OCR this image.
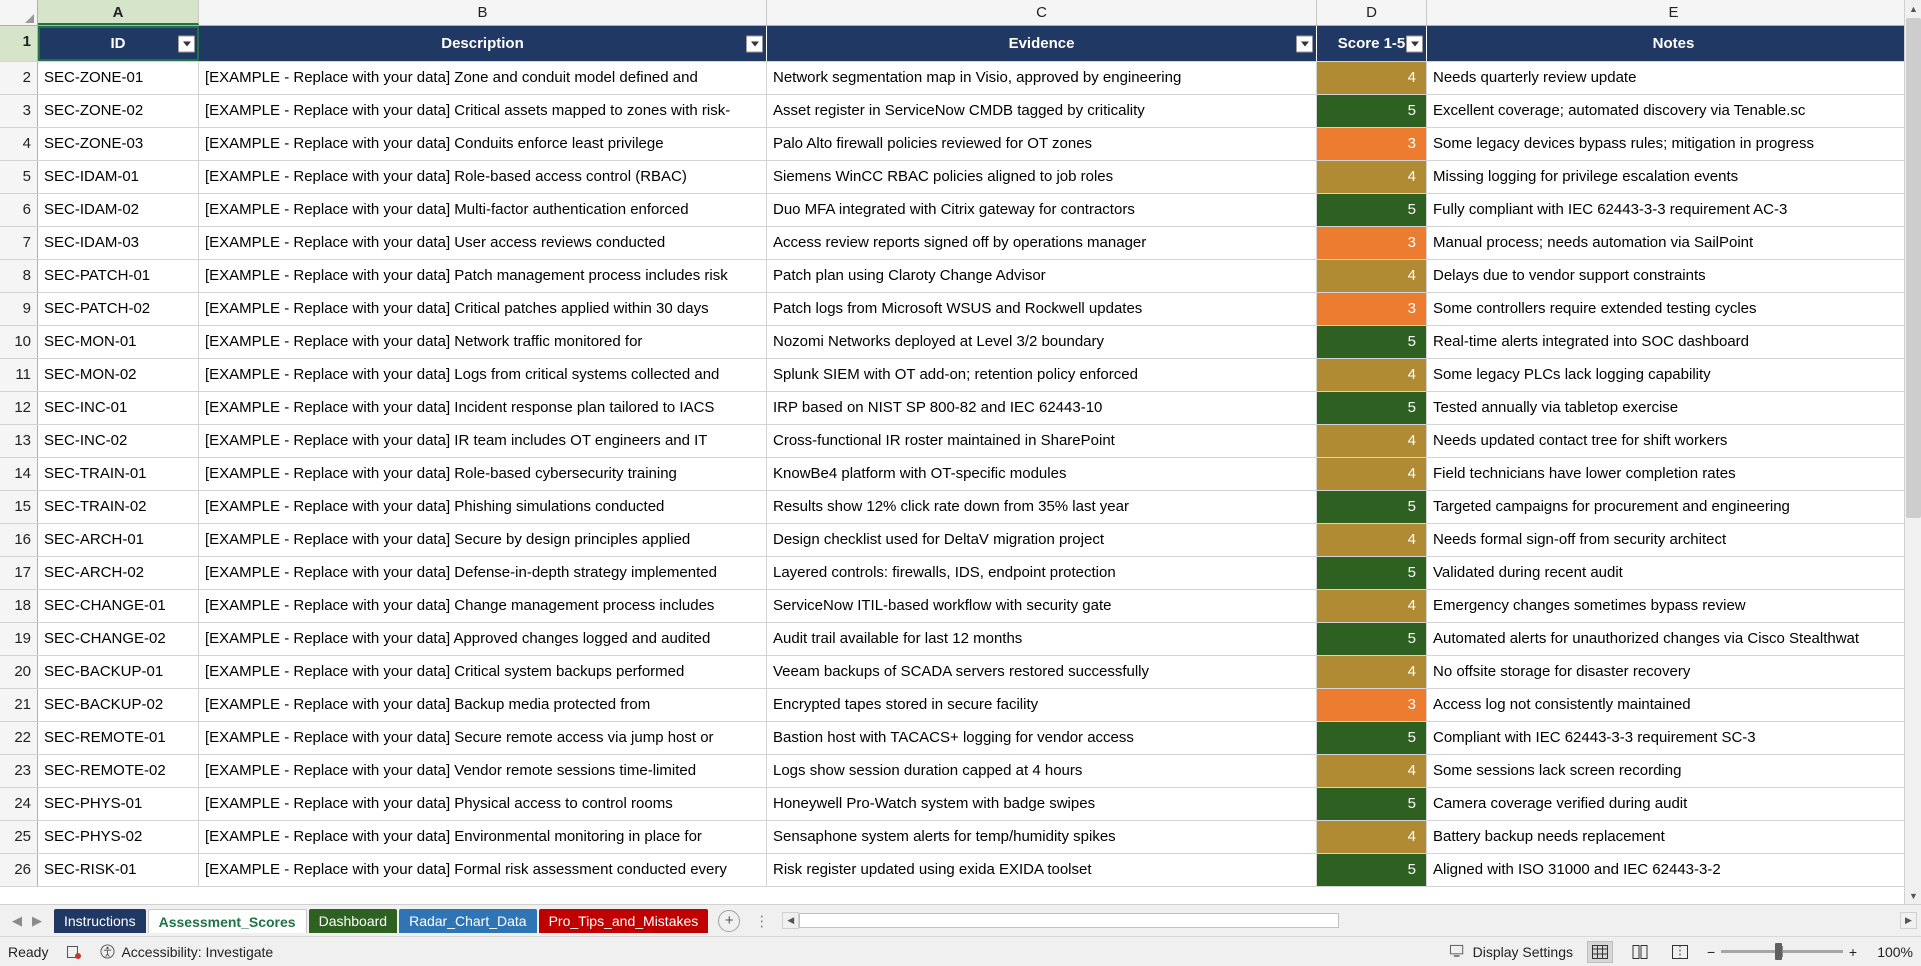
A	B	C	D	E
1	ID	Description	Evidence	Score 1-5	Notes
2 SEC-ZONE-01	[EXAMPLE - Replace with your data] Zone and conduit model defined and	Network segmentation map in Visio, approved by engineering	4	Needs quarterly review update
3 SEC-ZONE-02	[EXAMPLE - Replace with your data] Critical assets mapped to zones with risk-	Asset register in ServiceNow CMDB tagged by criticality	5	Excellent coverage; automated discovery via Tenable.sc
4 SEC-ZONE-03	[EXAMPLE - Replace with your data] Conduits enforce least privilege	Palo Alto firewall policies reviewed for OT zones	3	Some legacy devices bypass rules; mitigation in progress
5 SEC-IDAM-01	[EXAMPLE - Replace with your data] Role-based access control (RBAC)	Siemens WinCC RBAC policies aligned to job roles	4	Missing logging for privilege escalation events
6 SEC-IDAM-02	[EXAMPLE - Replace with your data] Multi-factor authentication enforced	Duo MFA integrated with Citrix gateway for contractors	5	Fully compliant with IEC 62443-3-3 requirement AC-3
7 SEC-IDAM-03	[EXAMPLE - Replace with your data] User access reviews conducted	Access review reports signed off by operations manager	3	Manual process; needs automation via SailPoint
8 SEC-PATCH-01	[EXAMPLE - Replace with your data] Patch management process includes risk	Patch plan using Claroty Change Advisor	4	Delays due to vendor support constraints
9 SEC-PATCH-02	[EXAMPLE - Replace with your data] Critical patches applied within 30 days	Patch logs from Microsoft WSUS and Rockwell updates	3	Some controllers require extended testing cycles
10 SEC-MON-01	[EXAMPLE - Replace with your data] Network traffic monitored for	Nozomi Networks deployed at Level 3/2 boundary	5	Real-time alerts integrated into SOC dashboard
11 SEC-MON-02	[EXAMPLE - Replace with your data] Logs from critical systems collected and	Splunk SIEM with OT add-on; retention policy enforced	4	Some legacy PLCs lack logging capability
12 SEC-INC-01	[EXAMPLE - Replace with your data] Incident response plan tailored to IACS	IRP based on NIST SP 800-82 and IEC 62443-10	5	Tested annually via tabletop exercise
13 SEC-INC-02	[EXAMPLE - Replace with your data] IR team includes OT engineers and IT	Cross-functional IR roster maintained in SharePoint	4	Needs updated contact tree for shift workers
14 SEC-TRAIN-01	[EXAMPLE - Replace with your data] Role-based cybersecurity training	KnowBe4 platform with OT-specific modules	4	Field technicians have lower completion rates
15 SEC-TRAIN-02	[EXAMPLE - Replace with your data] Phishing simulations conducted	Results show 12% click rate down from 35% last year	5	Targeted campaigns for procurement and engineering
16 SEC-ARCH-01	[EXAMPLE - Replace with your data] Secure by design principles applied	Design checklist used for DeltaV migration project	4	Needs formal sign-off from security architect
17 SEC-ARCH-02	[EXAMPLE - Replace with your data] Defense-in-depth strategy implemented	Layered controls: firewalls, IDS, endpoint protection	5	Validated during recent audit
18 SEC-CHANGE-01	[EXAMPLE - Replace with your data] Change management process includes	ServiceNow ITIL-based workflow with security gate	4	Emergency changes sometimes bypass review
19 SEC-CHANGE-02	[EXAMPLE - Replace with your data] Approved changes logged and audited	Audit trail available for last 12 months	5	Automated alerts for unauthorized changes via Cisco Stealthwat
20 SEC-BACKUP-01	[EXAMPLE - Replace with your data] Critical system backups performed	Veeam backups of SCADA servers restored successfully	4	No offsite storage for disaster recovery
21 SEC-BACKUP-02	[EXAMPLE - Replace with your data] Backup media protected from	Encrypted tapes stored in secure facility	3	Access log not consistently maintained
22 SEC-REMOTE-01	[EXAMPLE - Replace with your data] Secure remote access via jump host or	Bastion host with TACACS+ logging for vendor access	5	Compliant with IEC 62443-3-3 requirement SC-3
23 SEC-REMOTE-02	[EXAMPLE - Replace with your data] Vendor remote sessions time-limited	Logs show session duration capped at 4 hours	4	Some sessions lack screen recording
24 SEC-PHYS-01	[EXAMPLE - Replace with your data] Physical access to control rooms	Honeywell Pro-Watch system with badge swipes	5	Camera coverage verified during audit
25 SEC-PHYS-02	[EXAMPLE - Replace with your data] Environmental monitoring in place for	Sensaphone system alerts for temp/humidity spikes	4	Battery backup needs replacement
26 SEC-RISK-01	[EXAMPLE - Replace with your data] Formal risk assessment conducted every	Risk register updated using exida EXIDA toolset	5	Aligned with ISO 31000 and IEC 62443-3-2
▲
▼
◀ ▶	Instructions	Assessment_Scores	Dashboard	Radar_Chart_Data	Pro_Tips_and_Mistakes	+	⋮	◀	▶
Ready	Accessibility: Investigate	Display Settings	−	+	100%
